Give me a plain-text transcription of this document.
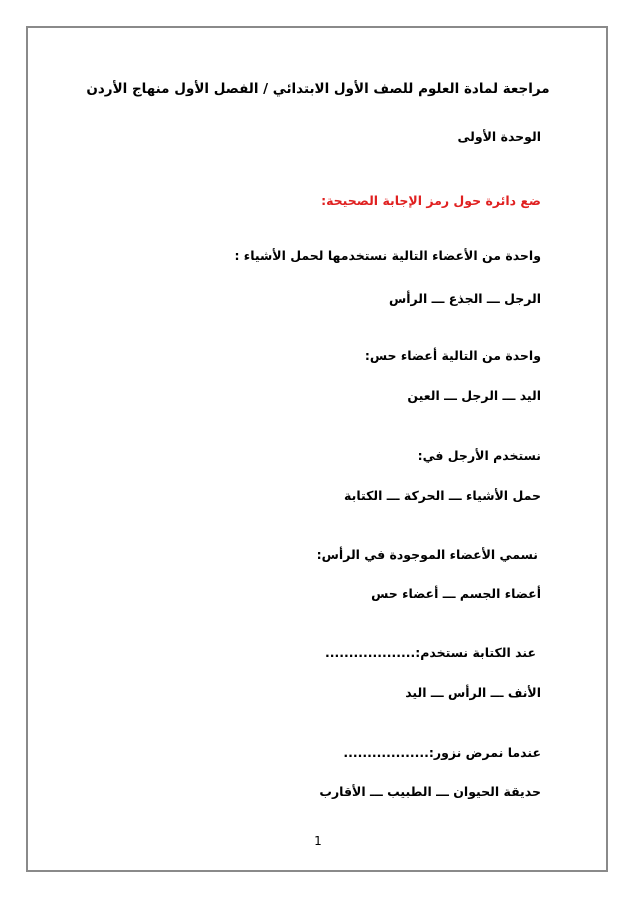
مراجعة لمادة العلوم للصف الأول الابتدائي / الفصل الأول منهاج الأردن
الوحدة الأولى
ضع دائرة حول رمز الإجابة الصحيحة:
واحدة من الأعضاء التالية نستخدمها لحمل الأشياء :
الرجل ـــ الجذع ـــ الرأس
واحدة من التالية أعضاء حس:
اليد ـــ الرجل ـــ العين
نستخدم الأرجل في:
حمل الأشياء ـــ الحركة ـــ الكتابة
نسمي الأعضاء الموجودة في الرأس:
أعضاء الجسم ـــ أعضاء حس
عند الكتابة نستخدم:...................
الأنف ـــ الرأس ـــ اليد
عندما نمرض نزور:..................
حديقة الحيوان ـــ الطبيب ـــ الأقارب
1
